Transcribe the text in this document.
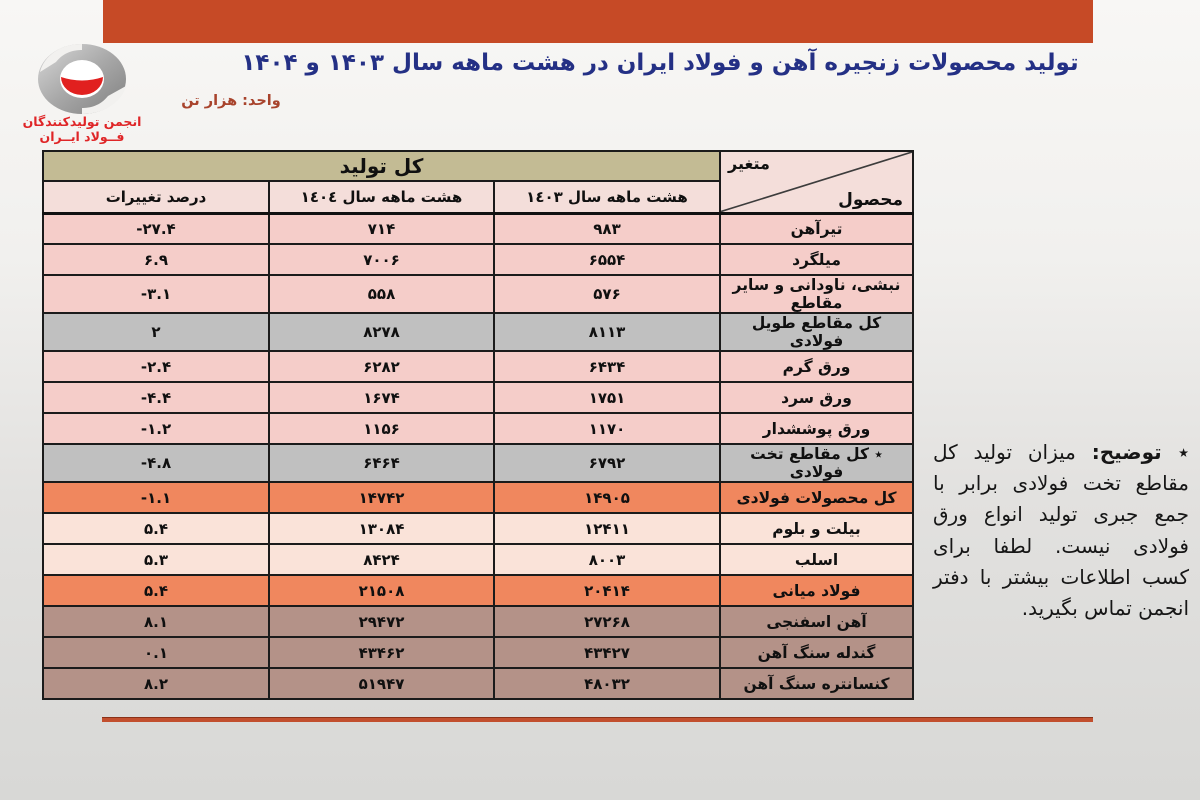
انجمن تولیدکنندگان
فــولاد ایــران
تولید محصولات زنجیره آهن و فولاد ایران در هشت ماهه سال ۱۴۰۳ و ۱۴۰۴
واحد: هزار تن
متغیر
محصول	کل تولید		
	هشت ماهه سال ١٤٠٣	هشت ماهه سال ١٤٠٤	درصد تغییرات
تیرآهن	۹۸۳	۷۱۴	-۲۷.۴
میلگرد	۶۵۵۴	۷۰۰۶	۶.۹
نبشی، ناودانی و سایر مقاطع	۵۷۶	۵۵۸	-۳.۱
کل مقاطع طویل فولادی	۸۱۱۳	۸۲۷۸	۲
ورق گرم	۶۴۳۴	۶۲۸۲	-۲.۴
ورق سرد	۱۷۵۱	۱۶۷۴	-۴.۴
ورق پوششدار	۱۱۷۰	۱۱۵۶	-۱.۲
٭ کل مقاطع تخت فولادی	۶۷۹۲	۶۴۶۴	-۴.۸
کل محصولات فولادی	۱۴۹۰۵	۱۴۷۴۲	-۱.۱
بیلت و بلوم	۱۲۴۱۱	۱۳۰۸۴	۵.۴
اسلب	۸۰۰۳	۸۴۲۴	۵.۳
فولاد میانی	۲۰۴۱۴	۲۱۵۰۸	۵.۴
آهن اسفنجی	۲۷۲۶۸	۲۹۴۷۲	۸.۱
گندله سنگ آهن	۴۳۴۲۷	۴۳۴۶۲	۰.۱
کنسانتره سنگ آهن	۴۸۰۳۲	۵۱۹۴۷	۸.۲
٭ توضیح: میزان تولید کل مقاطع تخت فولادی برابر با جمع جبری تولید انواع ورق فولادی نیست. لطفا برای کسب اطلاعات بیشتر با دفتر انجمن تماس بگیرید.
